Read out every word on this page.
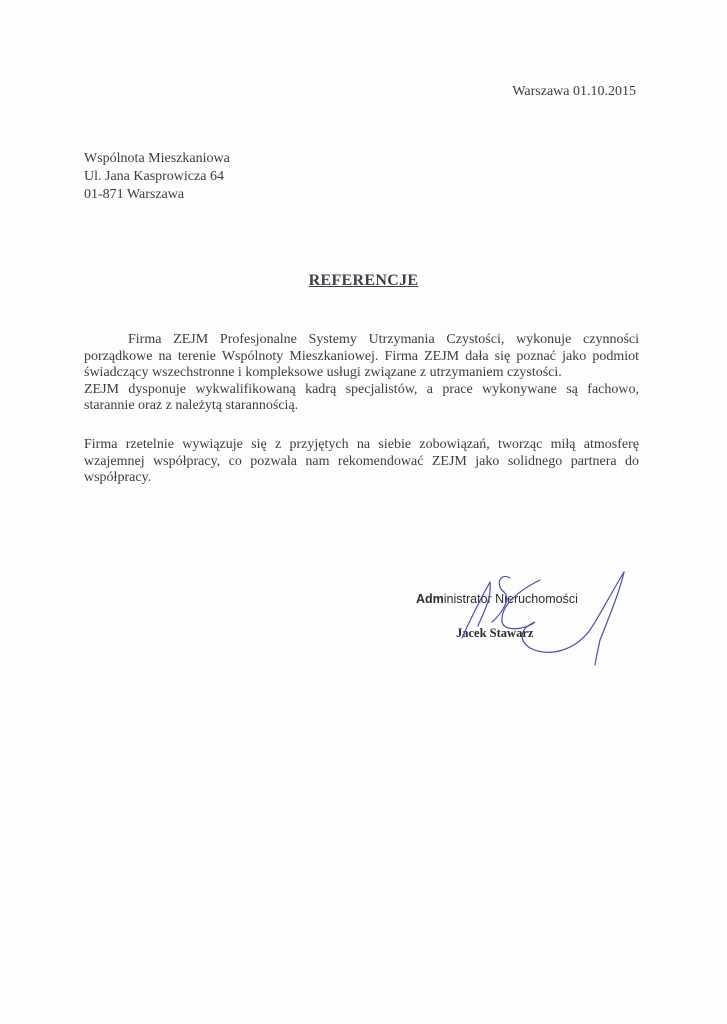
Warszawa 01.10.2015
Wspólnota Mieszkaniowa
Ul. Jana Kasprowicza 64
01-871 Warszawa
REFERENCJE

Firma ZEJM Profesjonalne Systemy Utrzymania Czystości, wykonuje czynności porządkowe na terenie Wspólnoty Mieszkaniowej. Firma ZEJM dała się poznać jako podmiot świadczący wszechstronne i kompleksowe usługi związane z utrzymaniem czystości.

ZEJM dysponuje wykwalifikowaną kadrą specjalistów, a prace wykonywane są fachowo, starannie oraz z należytą starannością.

Firma rzetelnie wywiązuje się z przyjętych na siebie zobowiązań, tworząc miłą atmosferę wzajemnej współpracy, co pozwala nam rekomendować ZEJM jako solidnego partnera do współpracy.

Administrator Nieruchomości
Jacek Stawarz
